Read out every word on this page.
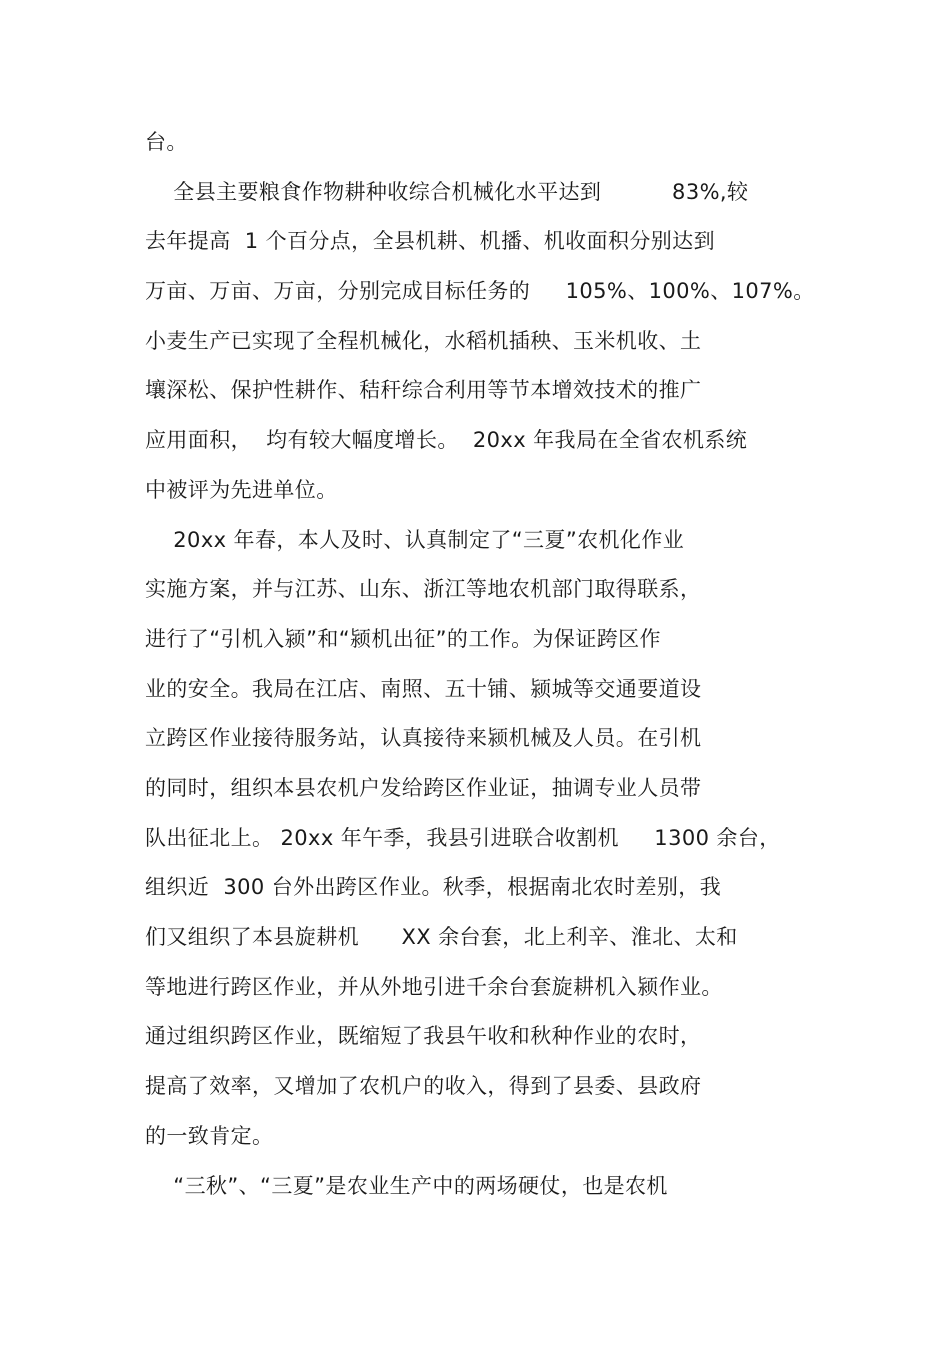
台。
全县主要粮食作物耕种收综合机械化水平达到          83%,较
去年提高  1 个百分点，全县机耕、机播、机收面积分别达到
万亩、万亩、万亩，分别完成目标任务的     105%、100%、107%。
小麦生产已实现了全程机械化，水稻机插秧、玉米机收、土
壤深松、保护性耕作、秸秆综合利用等节本增效技术的推广
应用面积，  均有较大幅度增长。  20xx 年我局在全省农机系统
中被评为先进单位。
20xx 年春，本人及时、认真制定了“三夏”农机化作业
实施方案，并与江苏、山东、浙江等地农机部门取得联系，
进行了“引机入颍”和“颍机出征”的工作。为保证跨区作
业的安全。我局在江店、南照、五十铺、颍城等交通要道设
立跨区作业接待服务站，认真接待来颍机械及人员。在引机
的同时，组织本县农机户发给跨区作业证，抽调专业人员带
队出征北上。 20xx 年午季，我县引进联合收割机     1300 余台，
组织近  300 台外出跨区作业。秋季，根据南北农时差别，我
们又组织了本县旋耕机      XX 余台套，北上利辛、淮北、太和
等地进行跨区作业，并从外地引进千余台套旋耕机入颍作业。
通过组织跨区作业，既缩短了我县午收和秋种作业的农时，
提高了效率，又增加了农机户的收入，得到了县委、县政府
的一致肯定。
“三秋”、“三夏”是农业生产中的两场硬仗，也是农机
